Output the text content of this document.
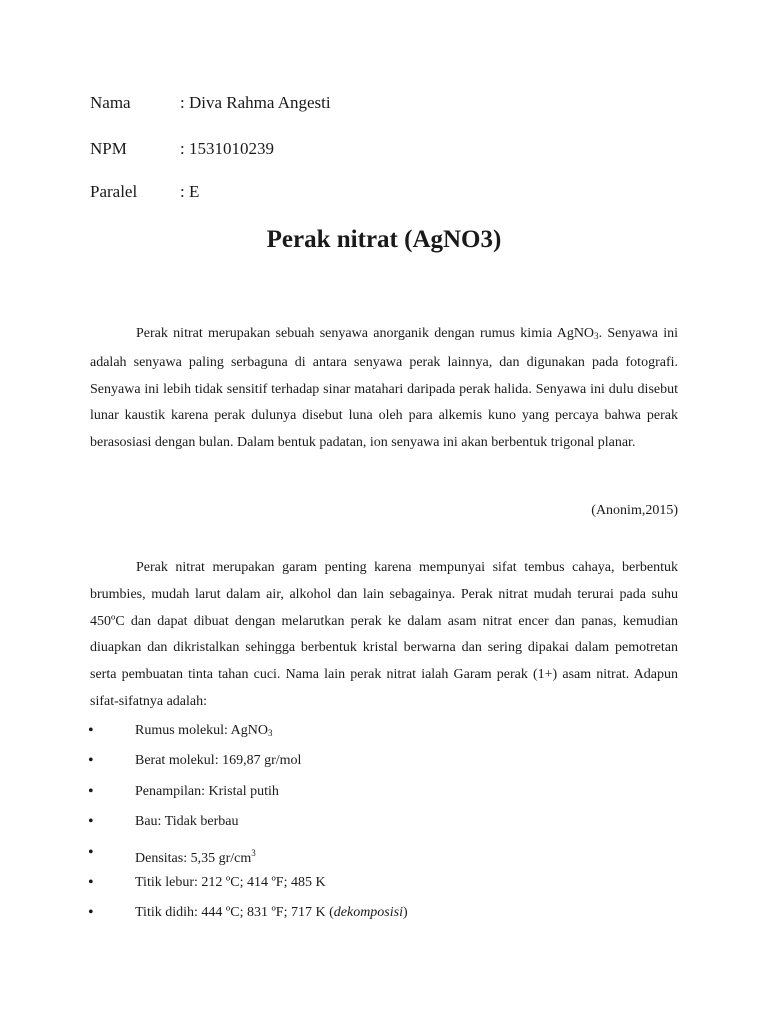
Nama	: Diva Rahma Angesti
NPM	: 1531010239
Paralel	: E
Perak nitrat (AgNO3)

Perak nitrat merupakan sebuah senyawa anorganik dengan rumus kimia AgNO$_3$. Senyawa ini adalah senyawa paling serbaguna di antara senyawa perak lainnya, dan digunakan pada fotografi. Senyawa ini lebih tidak sensitif terhadap sinar matahari daripada perak halida. Senyawa ini dulu disebut lunar kaustik karena perak dulunya disebut luna oleh para alkemis kuno yang percaya bahwa perak berasosiasi dengan bulan. Dalam bentuk padatan, ion senyawa ini akan berbentuk trigonal planar.

(Anonim,2015)

Perak nitrat merupakan garam penting karena mempunyai sifat tembus cahaya, berbentuk brumbies, mudah larut dalam air, alkohol dan lain sebagainya. Perak nitrat mudah terurai pada suhu 450ºC dan dapat dibuat dengan melarutkan perak ke dalam asam nitrat encer dan panas, kemudian diuapkan dan dikristalkan sehingga berbentuk kristal berwarna dan sering dipakai dalam pemotretan serta pembuatan tinta tahan cuci. Nama lain perak nitrat ialah Garam perak (1+) asam nitrat. Adapun sifat-sifatnya adalah:

•	Rumus molekul: AgNO$_3$
•	Berat molekul: 169,87 gr/mol
•	Penampilan: Kristal putih
•	Bau: Tidak berbau
•	Densitas: 5,35 $gr/cm^3$
•	Titik lebur: 212 ºC; 414 ºF; 485 K
•	Titik didih: 444 ºC; 831 ºF; 717 K (dekomposisi)
